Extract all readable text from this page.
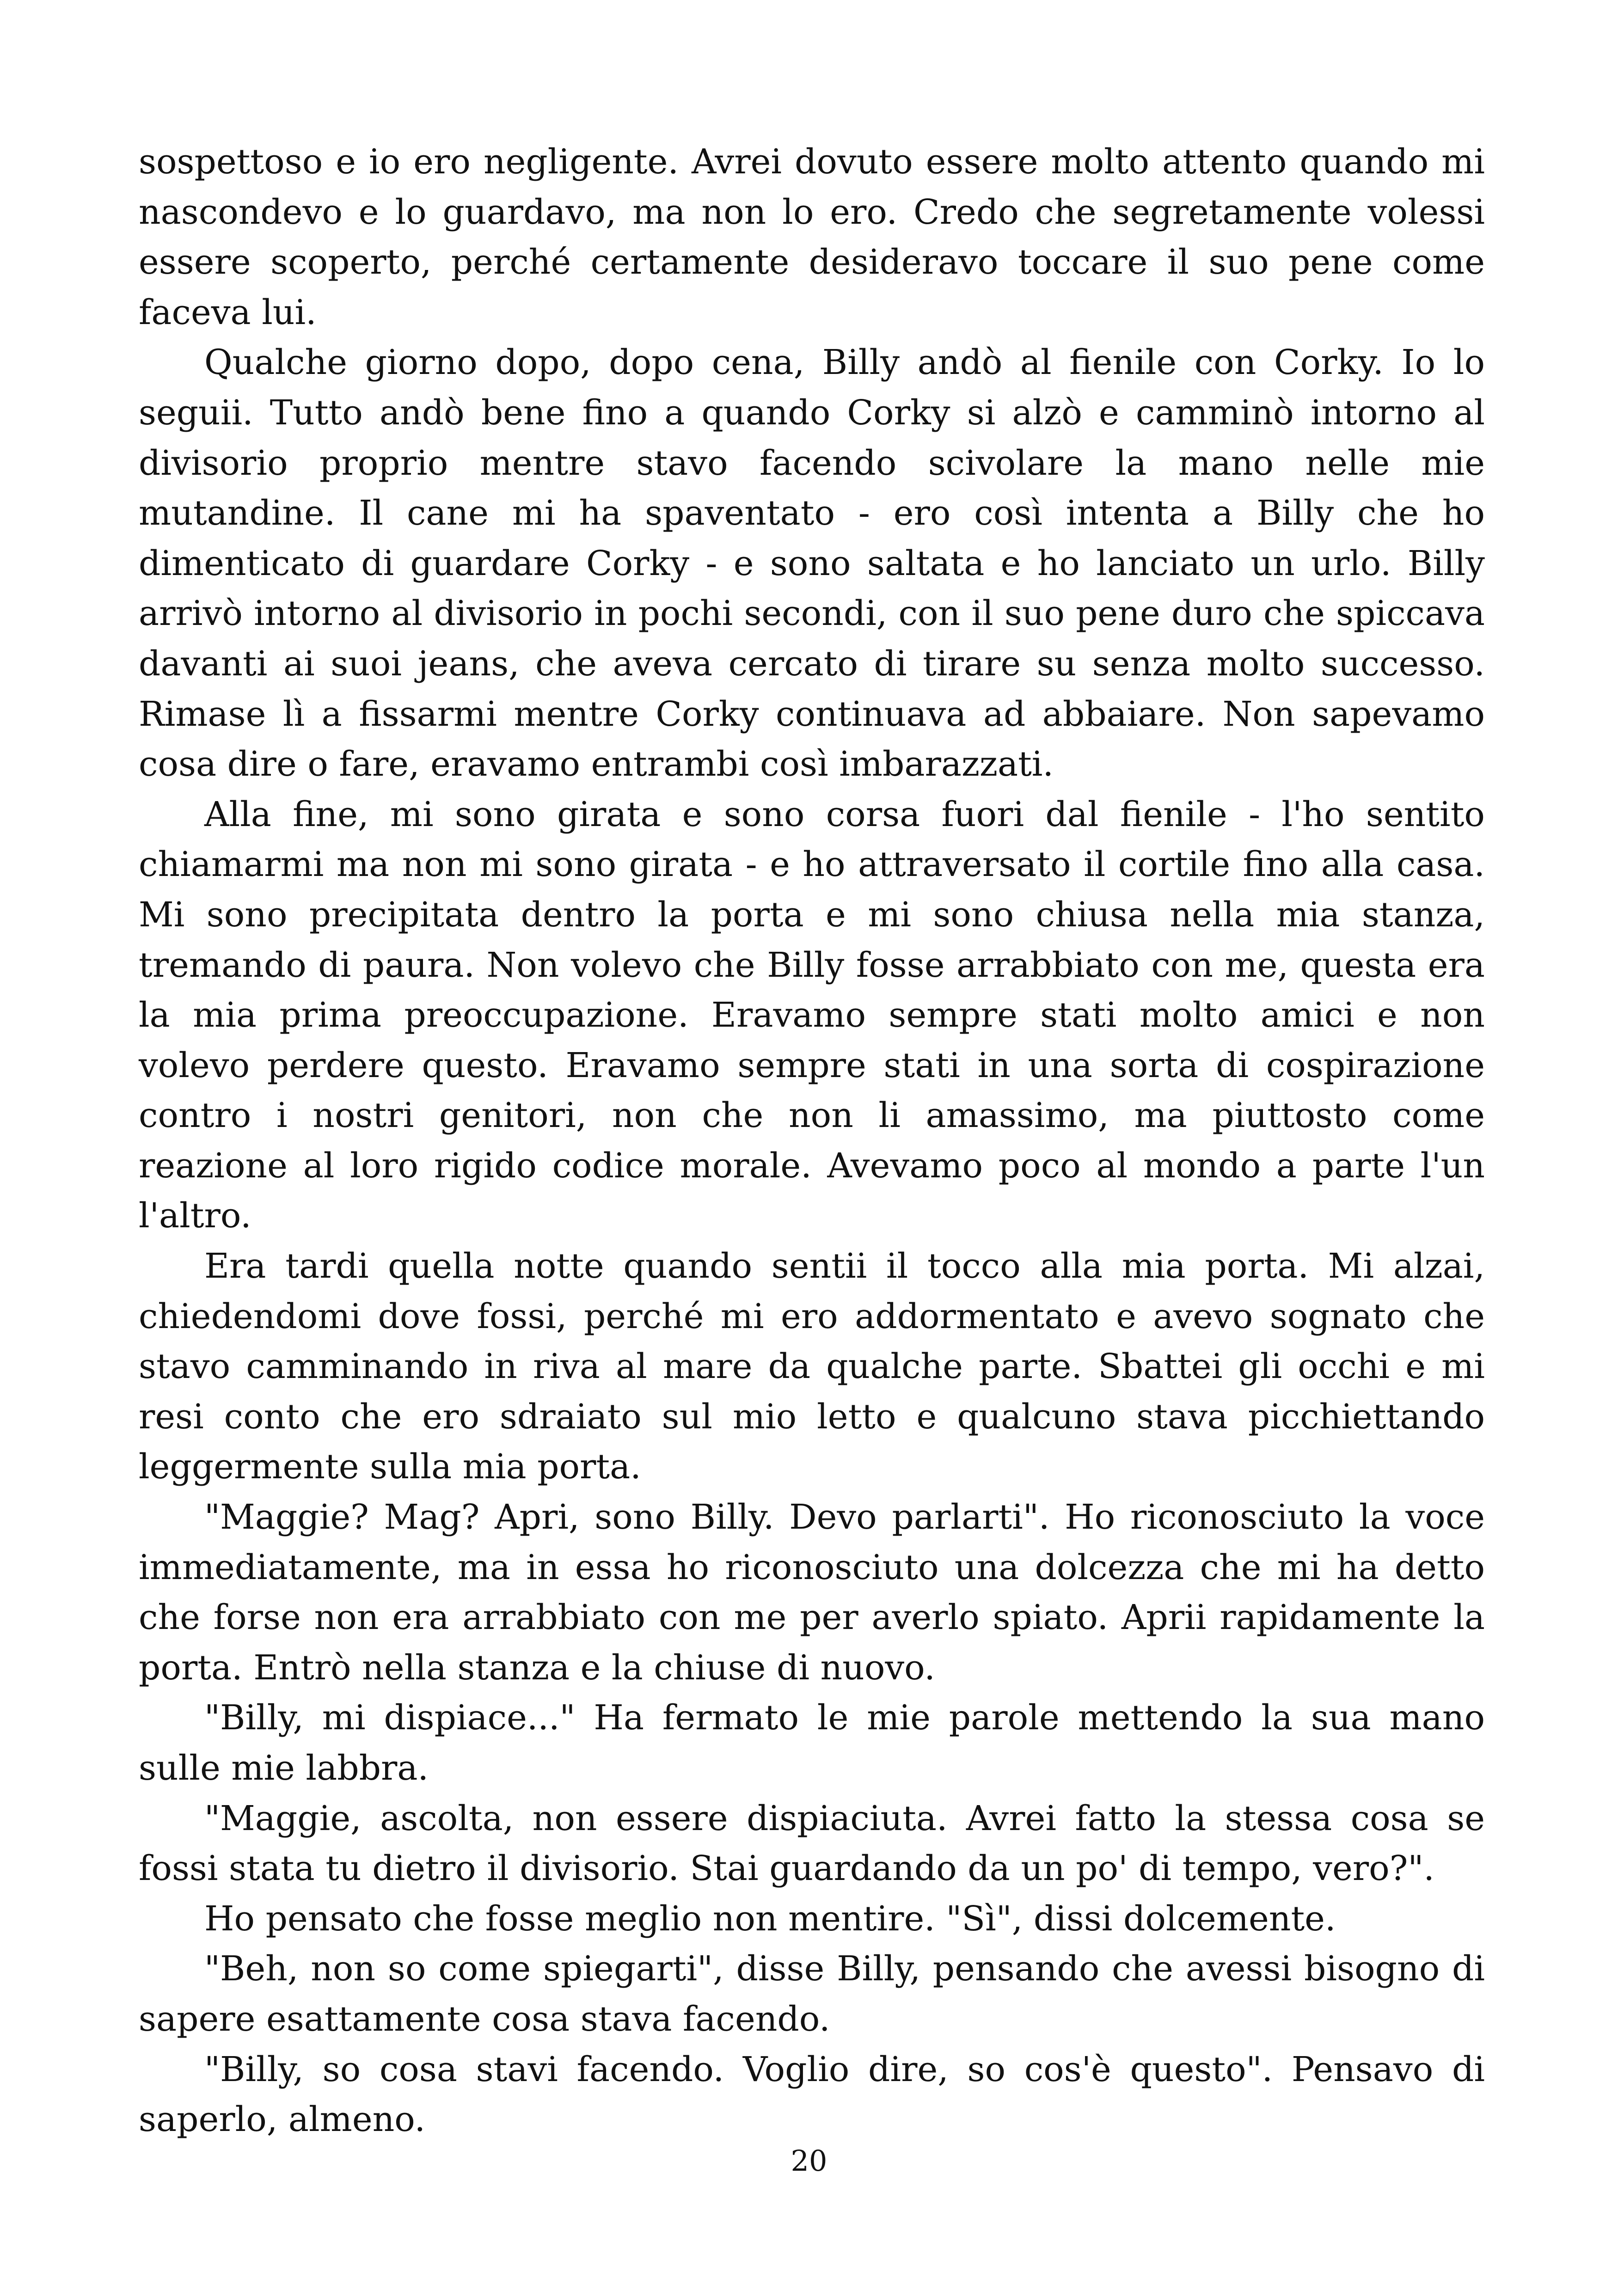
sospettoso e io ero negligente. Avrei dovuto essere molto attento quando mi nascondevo e lo guardavo, ma non lo ero. Credo che segretamente volessi essere scoperto, perché certamente desideravo toccare il suo pene come faceva lui.

Qualche giorno dopo, dopo cena, Billy andò al fienile con Corky. Io lo seguii. Tutto andò bene fino a quando Corky si alzò e camminò intorno al divisorio proprio mentre stavo facendo scivolare la mano nelle mie mutandine. Il cane mi ha spaventato - ero così intenta a Billy che ho dimenticato di guardare Corky - e sono saltata e ho lanciato un urlo. Billy arrivò intorno al divisorio in pochi secondi, con il suo pene duro che spiccava davanti ai suoi jeans, che aveva cercato di tirare su senza molto successo. Rimase lì a fissarmi mentre Corky continuava ad abbaiare. Non sapevamo cosa dire o fare, eravamo entrambi così imbarazzati.

Alla fine, mi sono girata e sono corsa fuori dal fienile - l'ho sentito chiamarmi ma non mi sono girata - e ho attraversato il cortile fino alla casa. Mi sono precipitata dentro la porta e mi sono chiusa nella mia stanza, tremando di paura. Non volevo che Billy fosse arrabbiato con me, questa era la mia prima preoccupazione. Eravamo sempre stati molto amici e non volevo perdere questo. Eravamo sempre stati in una sorta di cospirazione contro i nostri genitori, non che non li amassimo, ma piuttosto come reazione al loro rigido codice morale. Avevamo poco al mondo a parte l'un l'altro.

Era tardi quella notte quando sentii il tocco alla mia porta. Mi alzai, chiedendomi dove fossi, perché mi ero addormentato e avevo sognato che stavo camminando in riva al mare da qualche parte. Sbattei gli occhi e mi resi conto che ero sdraiato sul mio letto e qualcuno stava picchiettando leggermente sulla mia porta.

"Maggie? Mag? Apri, sono Billy. Devo parlarti". Ho riconosciuto la voce immediatamente, ma in essa ho riconosciuto una dolcezza che mi ha detto che forse non era arrabbiato con me per averlo spiato. Aprii rapidamente la porta. Entrò nella stanza e la chiuse di nuovo.

"Billy, mi dispiace..." Ha fermato le mie parole mettendo la sua mano sulle mie labbra.

"Maggie, ascolta, non essere dispiaciuta. Avrei fatto la stessa cosa se fossi stata tu dietro il divisorio. Stai guardando da un po' di tempo, vero?".

Ho pensato che fosse meglio non mentire. "Sì", dissi dolcemente.

"Beh, non so come spiegarti", disse Billy, pensando che avessi bisogno di sapere esattamente cosa stava facendo.

"Billy, so cosa stavi facendo. Voglio dire, so cos'è questo". Pensavo di saperlo, almeno.

20
